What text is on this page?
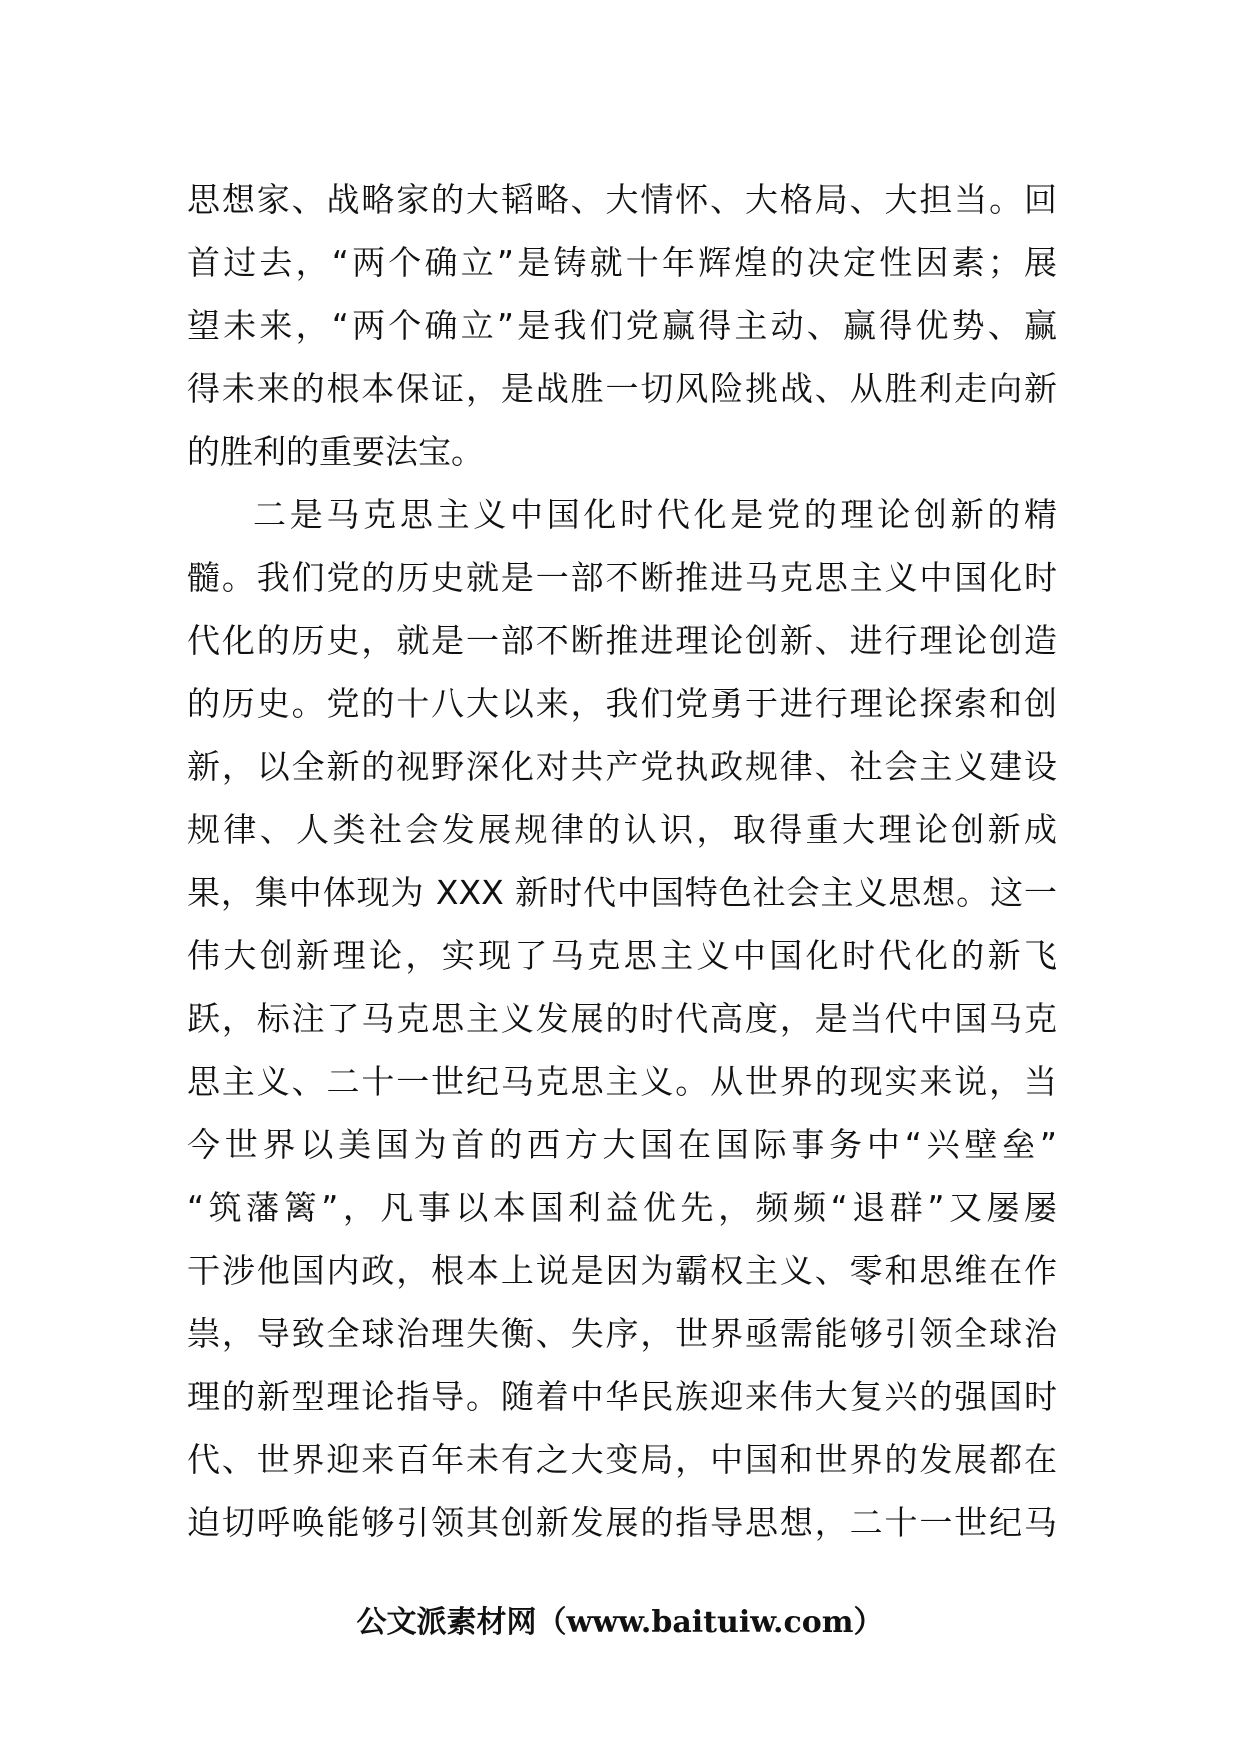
思想家、战略家的大韬略、大情怀、大格局、大担当。回
首过去，“两个确立”是铸就十年辉煌的决定性因素；展
望未来，“两个确立”是我们党赢得主动、赢得优势、赢
得未来的根本保证，是战胜一切风险挑战、从胜利走向新
的胜利的重要法宝。
二是马克思主义中国化时代化是党的理论创新的精
髓。我们党的历史就是一部不断推进马克思主义中国化时
代化的历史，就是一部不断推进理论创新、进行理论创造
的历史。党的十八大以来，我们党勇于进行理论探索和创
新，以全新的视野深化对共产党执政规律、社会主义建设
规律、人类社会发展规律的认识，取得重大理论创新成
果，集中体现为 XXX 新时代中国特色社会主义思想。这一
伟大创新理论，实现了马克思主义中国化时代化的新飞
跃，标注了马克思主义发展的时代高度，是当代中国马克
思主义、二十一世纪马克思主义。从世界的现实来说，当
今世界以美国为首的西方大国在国际事务中“兴壁垒”
“筑藩篱”，凡事以本国利益优先，频频“退群”又屡屡
干涉他国内政，根本上说是因为霸权主义、零和思维在作
祟，导致全球治理失衡、失序，世界亟需能够引领全球治
理的新型理论指导。随着中华民族迎来伟大复兴的强国时
代、世界迎来百年未有之大变局，中国和世界的发展都在
迫切呼唤能够引领其创新发展的指导思想，二十一世纪马
公文派素材网（www.baituiw.com）
